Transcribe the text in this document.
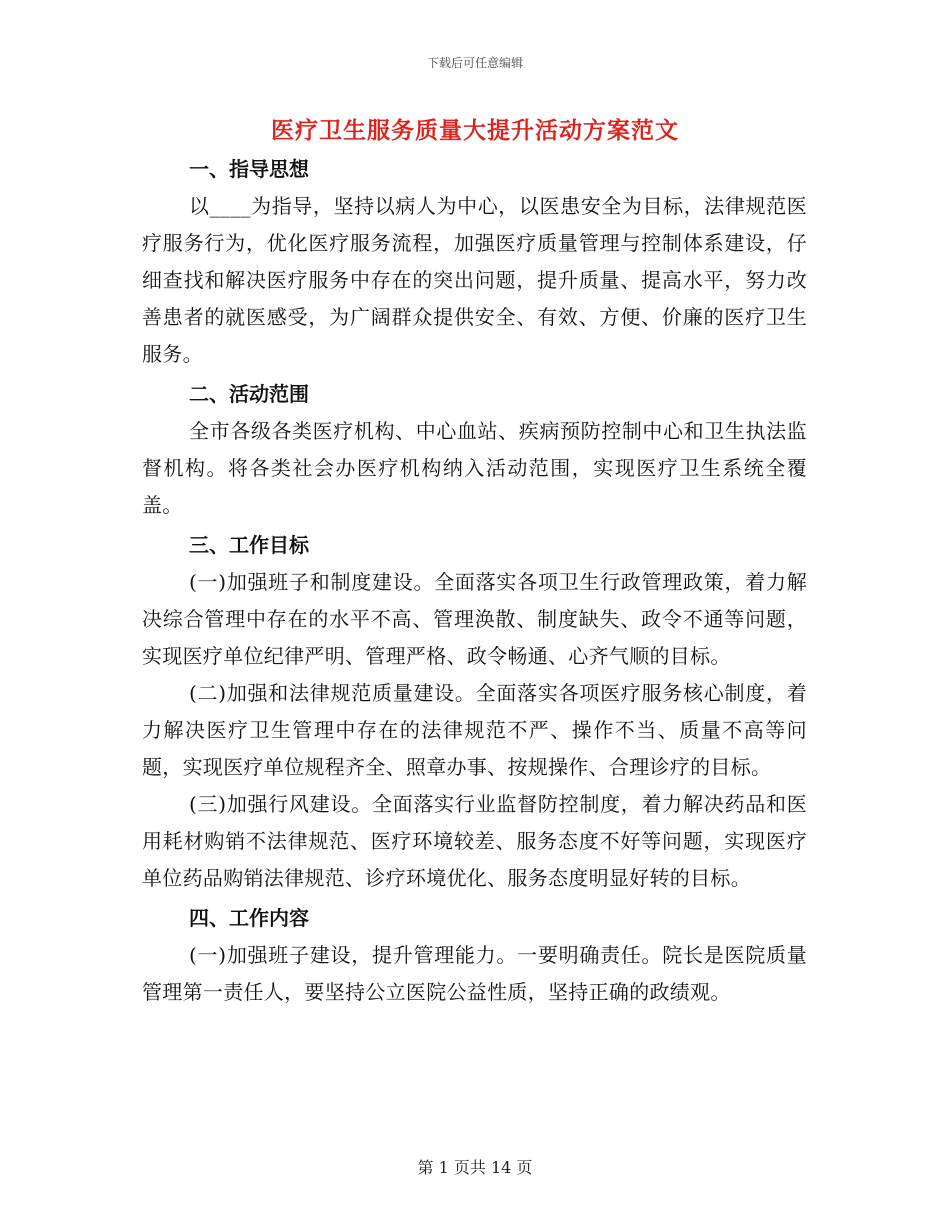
下载后可任意编辑
医疗卫生服务质量大提升活动方案范文
一、指导思想

以____为指导，坚持以病人为中心，以医患安全为目标，法律规范医疗服务行为，优化医疗服务流程，加强医疗质量管理与控制体系建设，仔细查找和解决医疗服务中存在的突出问题，提升质量、提高水平，努力改善患者的就医感受，为广阔群众提供安全、有效、方便、价廉的医疗卫生服务。

二、活动范围

全市各级各类医疗机构、中心血站、疾病预防控制中心和卫生执法监督机构。将各类社会办医疗机构纳入活动范围，实现医疗卫生系统全覆盖。

三、工作目标

(一)加强班子和制度建设。全面落实各项卫生行政管理政策，着力解决综合管理中存在的水平不高、管理涣散、制度缺失、政令不通等问题，实现医疗单位纪律严明、管理严格、政令畅通、心齐气顺的目标。

(二)加强和法律规范质量建设。全面落实各项医疗服务核心制度，着力解决医疗卫生管理中存在的法律规范不严、操作不当、质量不高等问题，实现医疗单位规程齐全、照章办事、按规操作、合理诊疗的目标。

(三)加强行风建设。全面落实行业监督防控制度，着力解决药品和医用耗材购销不法律规范、医疗环境较差、服务态度不好等问题，实现医疗单位药品购销法律规范、诊疗环境优化、服务态度明显好转的目标。

四、工作内容

(一)加强班子建设，提升管理能力。一要明确责任。院长是医院质量管理第一责任人，要坚持公立医院公益性质，坚持正确的政绩观。

第 1 页共 14 页
